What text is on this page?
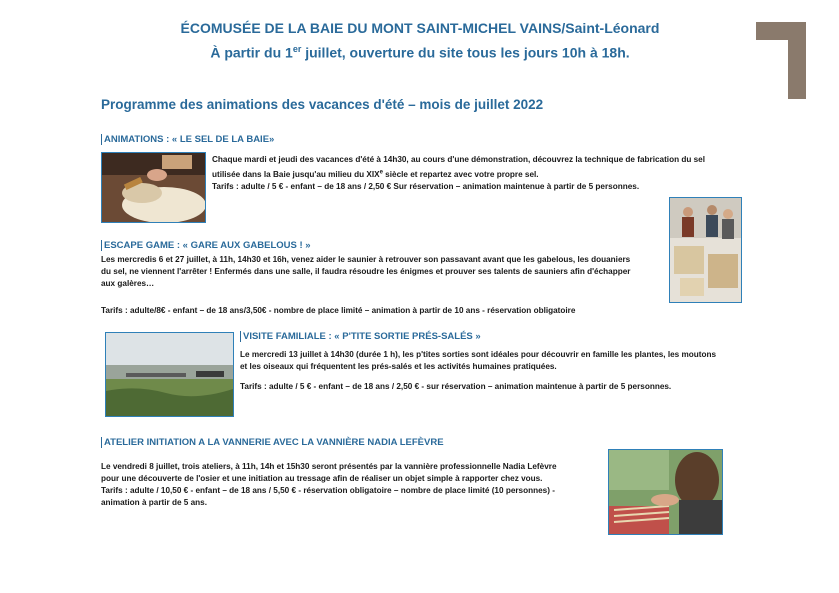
ÉCOMUSÉE DE LA BAIE DU MONT SAINT-MICHEL VAINS/Saint-Léonard
À partir du 1er juillet, ouverture du site tous les jours 10h à 18h.
Programme des animations des vacances d'été – mois de juillet 2022
ANIMATIONS : « LE SEL DE LA BAIE»
Chaque mardi et jeudi des vacances d'été à 14h30, au cours d'une démonstration, découvrez la technique de fabrication du sel
utilisée dans la Baie jusqu'au milieu du XIXe siècle et repartez avec votre propre sel.
Tarifs : adulte / 5 € - enfant – de 18 ans / 2,50 € Sur réservation – animation maintenue à partir de 5 personnes.
ESCAPE GAME : « GARE AUX GABELOUS ! »
Les mercredis 6 et 27 juillet, à 11h, 14h30 et 16h, venez aider le saunier à retrouver son passavant avant que les gabelous, les douaniers
du sel, ne viennent l'arrêter ! Enfermés dans une salle, il faudra résoudre les énigmes et prouver ses talents de sauniers afin d'échapper
aux galères…
Tarifs : adulte/8€ - enfant – de 18 ans/3,50€ - nombre de place limité – animation à partir de 10 ans - réservation obligatoire
VISITE FAMILIALE : « P'TITE SORTIE PRÉS-SALÉS »
Le mercredi 13 juillet à 14h30 (durée 1 h), les p'tites sorties sont idéales pour découvrir en famille les plantes, les moutons
et les oiseaux qui fréquentent les prés-salés et les activités humaines pratiquées.
Tarifs : adulte / 5 € - enfant – de 18 ans / 2,50 € - sur réservation – animation maintenue à partir de 5 personnes.
ATELIER INITIATION A LA VANNERIE AVEC LA VANNIÈRE NADIA LEFÈVRE
Le vendredi 8 juillet, trois ateliers, à 11h, 14h et 15h30 seront présentés par la vannière professionnelle Nadia Lefèvre
pour une découverte de l'osier et une initiation au tressage afin de réaliser un objet simple à rapporter chez vous.
Tarifs : adulte / 10,50 € - enfant – de 18 ans / 5,50 € - réservation obligatoire – nombre de place limité (10 personnes) -
animation à partir de 5 ans.
